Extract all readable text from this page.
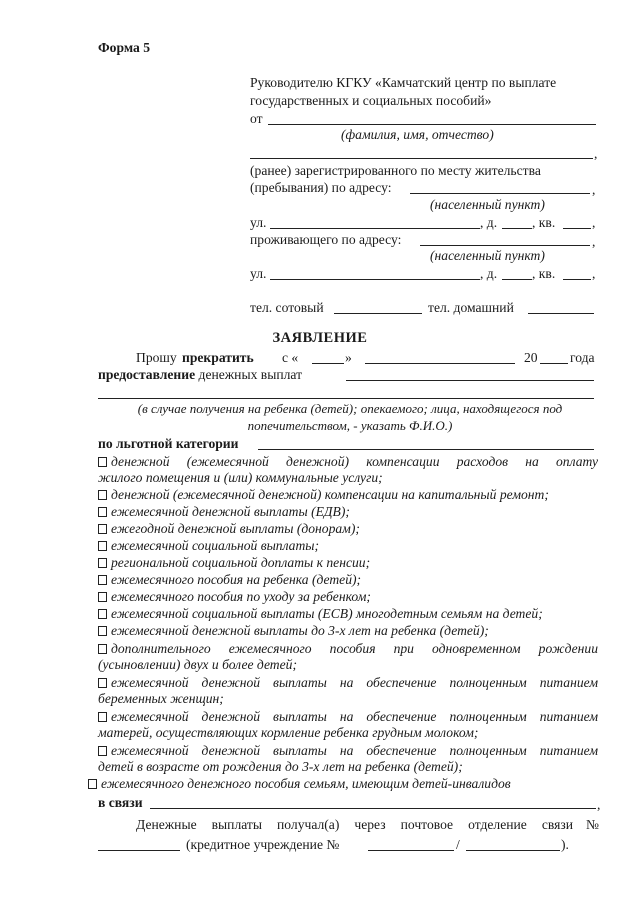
Форма 5
Руководителю КГКУ «Камчатский центр по выплате
государственных и социальных пособий»
от
(фамилия, имя, отчество)
,
(ранее) зарегистрированного по месту жительства
(пребывания) по адресу:	,
(населенный пункт)
ул.	, д.	, кв.	,
проживающего по адресу:	,
(населенный пункт)
ул.	, д.	, кв.	,
тел. сотовый	тел. домашний
ЗАЯВЛЕНИЕ
Прошу прекратить с «	»	20 года
предоставление денежных выплат
(в случае получения на ребенка (детей); опекаемого; лица, находящегося под
попечительством, - указать Ф.И.О.)
по льготной категории
денежной (ежемесячной денежной) компенсации расходов на оплату
жилого помещения и (или) коммунальные услуги;
денежной (ежемесячной денежной) компенсации на капитальный ремонт;
ежемесячной денежной выплаты (ЕДВ);
ежегодной денежной выплаты (донорам);
ежемесячной социальной выплаты;
региональной социальной доплаты к пенсии;
ежемесячного пособия на ребенка (детей);
ежемесячного пособия по уходу за ребенком;
ежемесячной социальной выплаты (ЕСВ) многодетным семьям на детей;
ежемесячной денежной выплаты до 3-х лет на ребенка (детей);
дополнительного ежемесячного пособия при одновременном рождении
(усыновлении) двух и более детей;
ежемесячной денежной выплаты на обеспечение полноценным питанием
беременных женщин;
ежемесячной денежной выплаты на обеспечение полноценным питанием
матерей, осуществляющих кормление ребенка грудным молоком;
ежемесячной денежной выплаты на обеспечение полноценным питанием
детей в возрасте от рождения до 3-х лет на ребенка (детей);
ежемесячного денежного пособия семьям, имеющим детей-инвалидов
в связи	,
Денежные выплаты получал(а) через почтовое отделение связи №
(кредитное учреждение №	/	).
